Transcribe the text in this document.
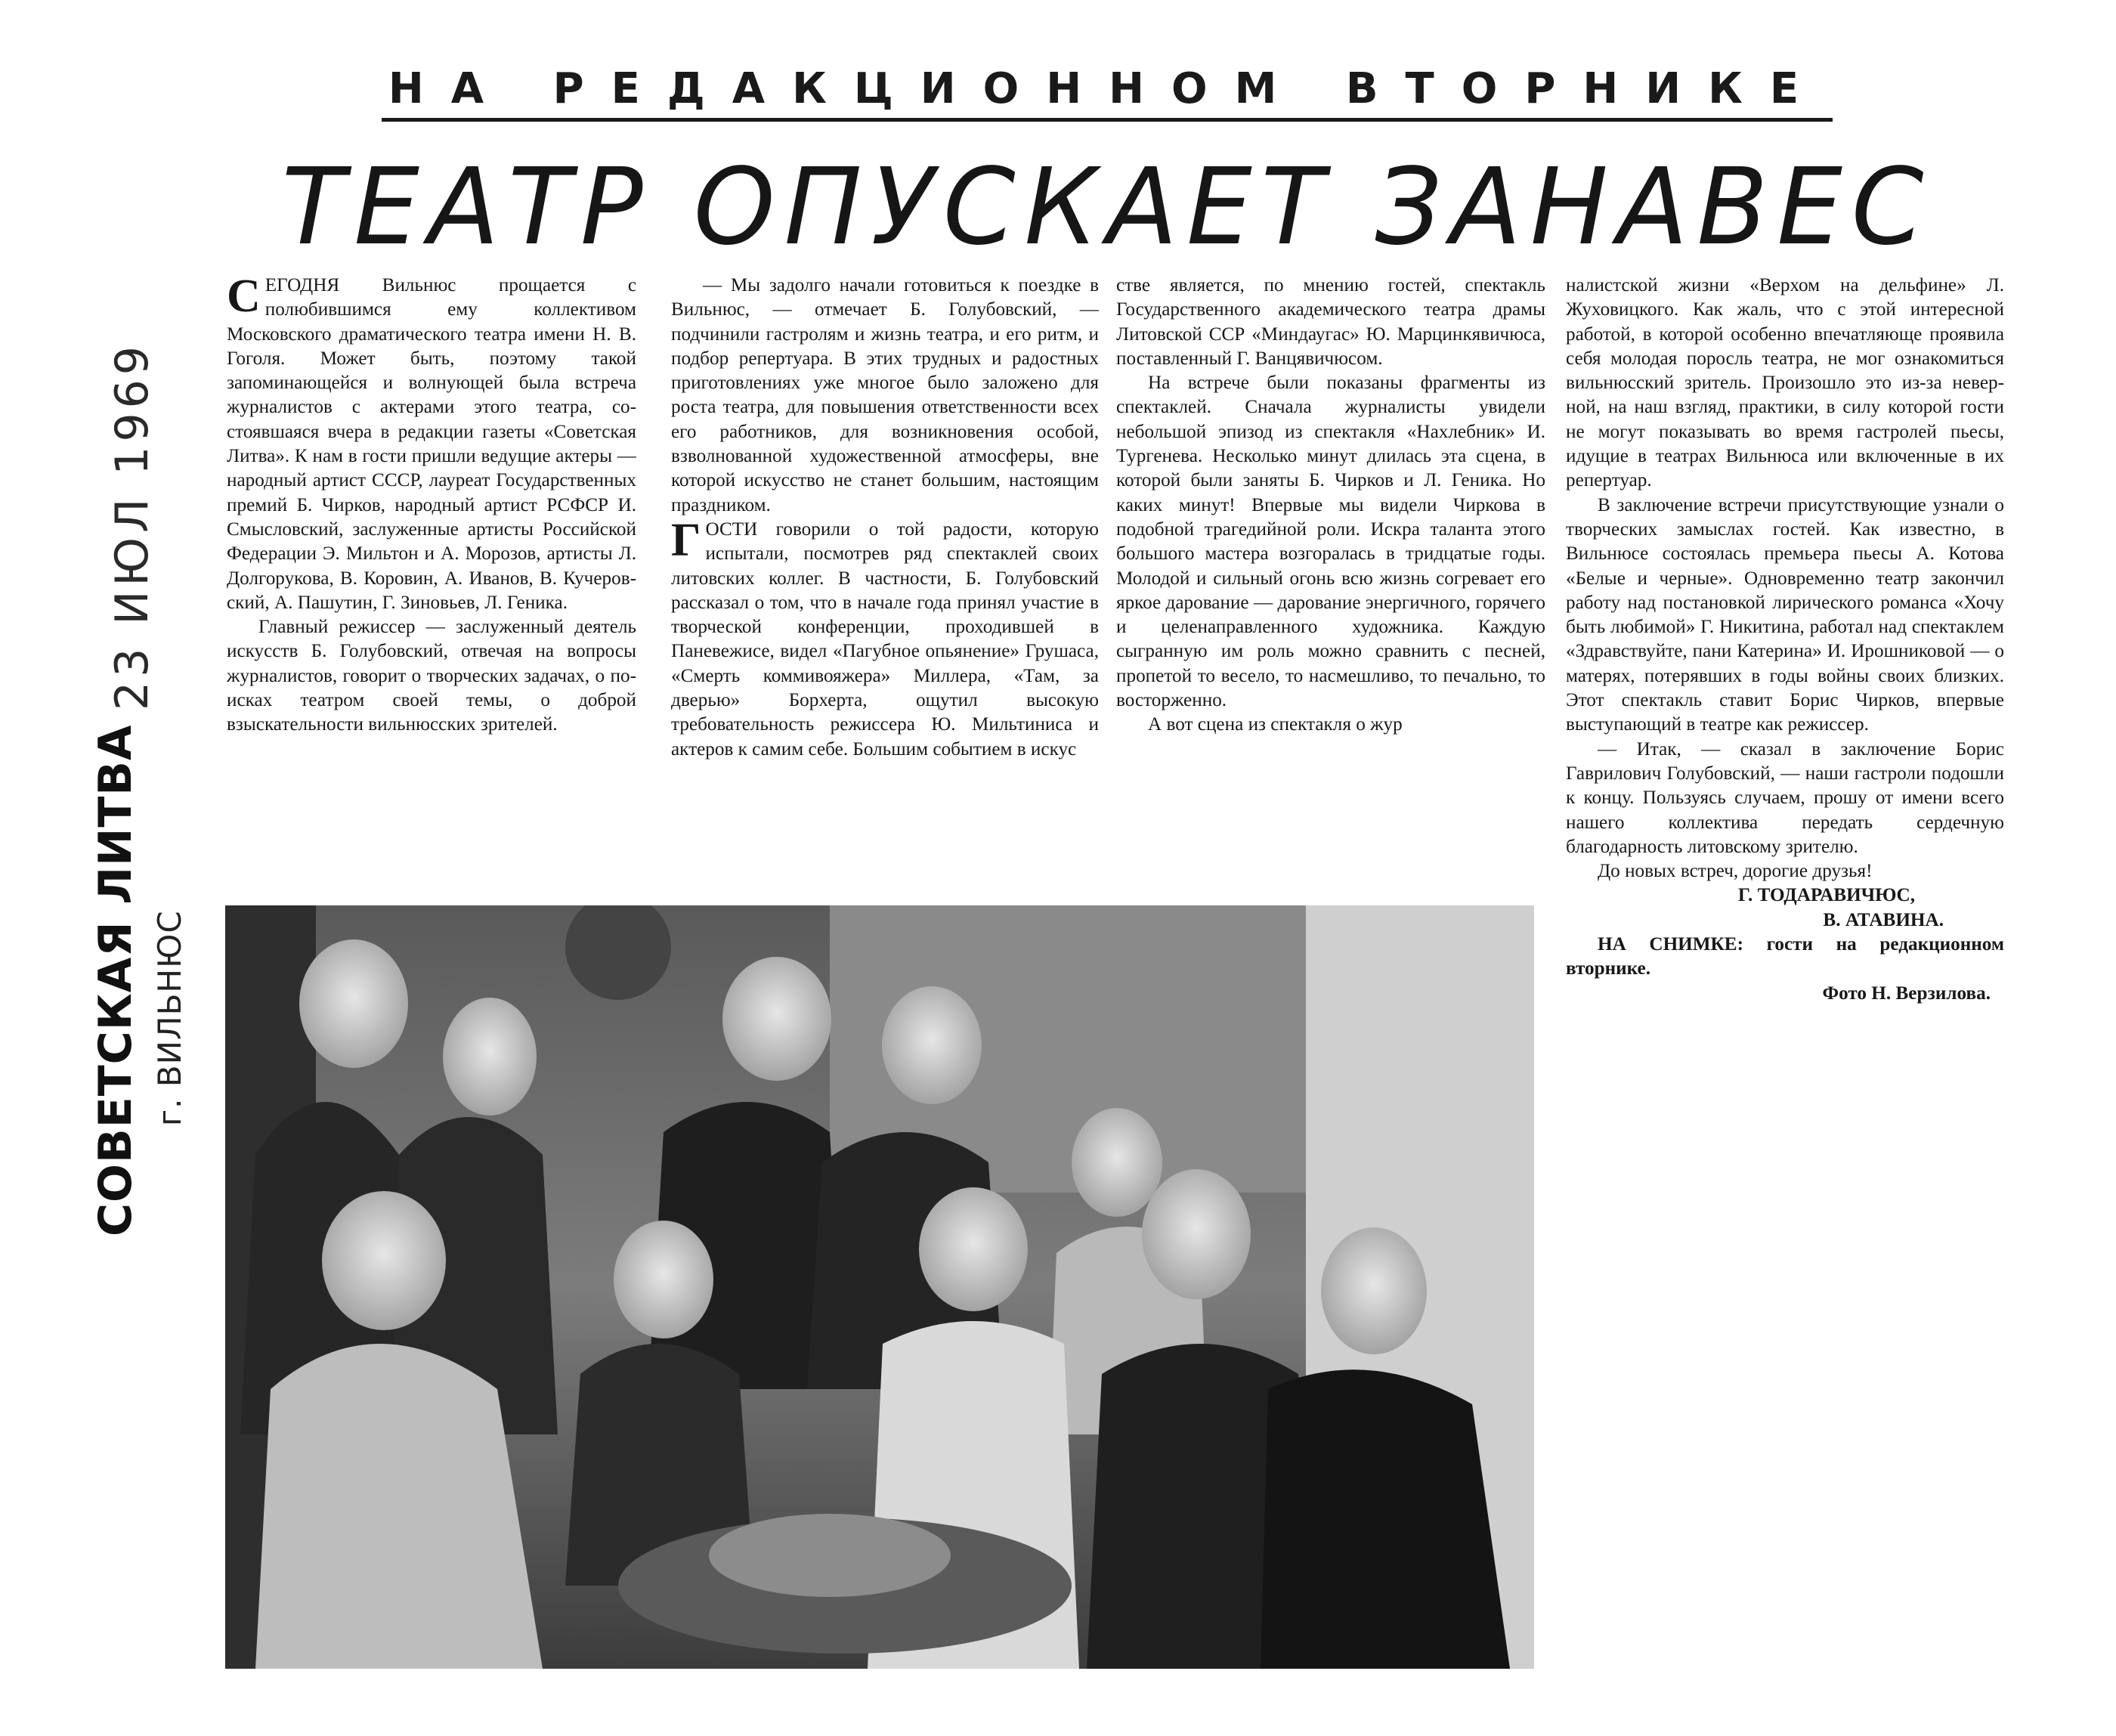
НА РЕДАКЦИОННОМ ВТОРНИКЕ
ТЕАТР ОПУСКАЕТ ЗАНАВЕС
23 ИЮЛ 1969
СОВЕТСКАЯ ЛИТВА г. ВИЛЬНЮС

СЕГОДНЯ Вильнюс прощается с полюбившимся ему коллективом Московского драматического театра имени Н. В. Гоголя. Может быть, поэтому такой запоминающейся и волнующей была встреча журналистов с актерами этого театра, состоявшаяся вчера в редакции газеты «Советская Литва». К нам в гости пришли ведущие актеры — народный артист СССР, лауреат Государственных премий Б. Чирков, народный артист РСФСР И. Смысловский, заслуженные артисты Российской Федерации Э. Мильтон и А. Морозов, артисты Л. Долгорукова, В. Коровин, А. Иванов, В. Кучеровский, А. Пашутин, Г. Зиновьев, Л. Геника.

Главный режиссер — заслуженный деятель искусств Б. Голубовский, отвечая на вопросы журналистов, говорит о творческих задачах, о поисках театром своей темы, о доброй взыскательности вильнюсских зрителей.

— Мы задолго начали готовиться к поездке в Вильнюс, — отмечает Б. Голубовский, — подчинили гастролям и жизнь театра, и его ритм, и подбор репертуара. В этих трудных и радостных приготовлениях уже многое было заложено для роста театра, для повышения ответственности всех его работников, для возникновения особой, взволнованной художественной атмосферы, вне которой искусство не станет большим, настоящим праздником.

ГОСТИ говорили о той радости, которую испытали, посмотрев ряд спектаклей своих литовских коллег. В частности, Б. Голубовский рассказал о том, что в начале года принял участие в творческой конференции, проходившей в Паневежисе, видел «Пагубное опьянение» Грушаса, «Смерть коммивояжера» Миллера, «Там, за дверью» Борхерта, ощутил высокую требовательность режиссера Ю. Мильтиниса и актеров к самим себе. Большим событием в искус

стве является, по мнению гостей, спектакль Государственного академического театра драмы Литовской ССР «Миндаугас» Ю. Марцинкявичюса, поставленный Г. Ванцявичюсом.

На встрече были показаны фрагменты из спектаклей. Сначала журналисты увидели небольшой эпизод из спектакля «Нахлебник» И. Тургенева. Несколько минут длилась эта сцена, в которой были заняты Б. Чирков и Л. Геника. Но каких минут! Впервые мы видели Чиркова в подобной трагедийной роли. Искра таланта этого большого мастера возгоралась в тридцатые годы. Молодой и сильный огонь всю жизнь согревает его яркое дарование — дарование энергичного, горячего и целенаправленного художника. Каждую сыгранную им роль можно сравнить с песней, пропетой то весело, то насмешливо, то печально, то восторженно.

А вот сцена из спектакля о жур

налистской жизни «Верхом на дельфине» Л. Жуховицкого. Как жаль, что с этой интересной работой, в которой особенно впечатляюще проявила себя молодая поросль театра, не мог ознакомиться вильнюсский зритель. Произошло это из-за неверной, на наш взгляд, практики, в силу которой гости не могут показывать во время гастролей пьесы, идущие в театрах Вильнюса или включенные в их репертуар.

В заключение встречи присутствующие узнали о творческих замыслах гостей. Как известно, в Вильнюсе состоялась премьера пьесы А. Котова «Белые и черные». Одновременно театр закончил работу над постановкой лирического романса «Хочу быть любимой» Г. Никитина, работал над спектаклем «Здравствуйте, пани Катерина» И. Ирошниковой — о матерях, потерявших в годы войны своих близких. Этот спектакль ставит Борис Чирков, впервые выступающий в театре как режиссер.

— Итак, — сказал в заключение Борис Гаврилович Голубовский, — наши гастроли подошли к концу. Пользуясь случаем, прошу от имени всего нашего коллектива передать сердечную благодарность литовскому зрителю.

До новых встреч, дорогие друзья!

Г. ТОДАРАВИЧЮС,
В. АТАВИНА.

НА СНИМКЕ: гости на редакционном вторнике.

Фото Н. Верзилова.
